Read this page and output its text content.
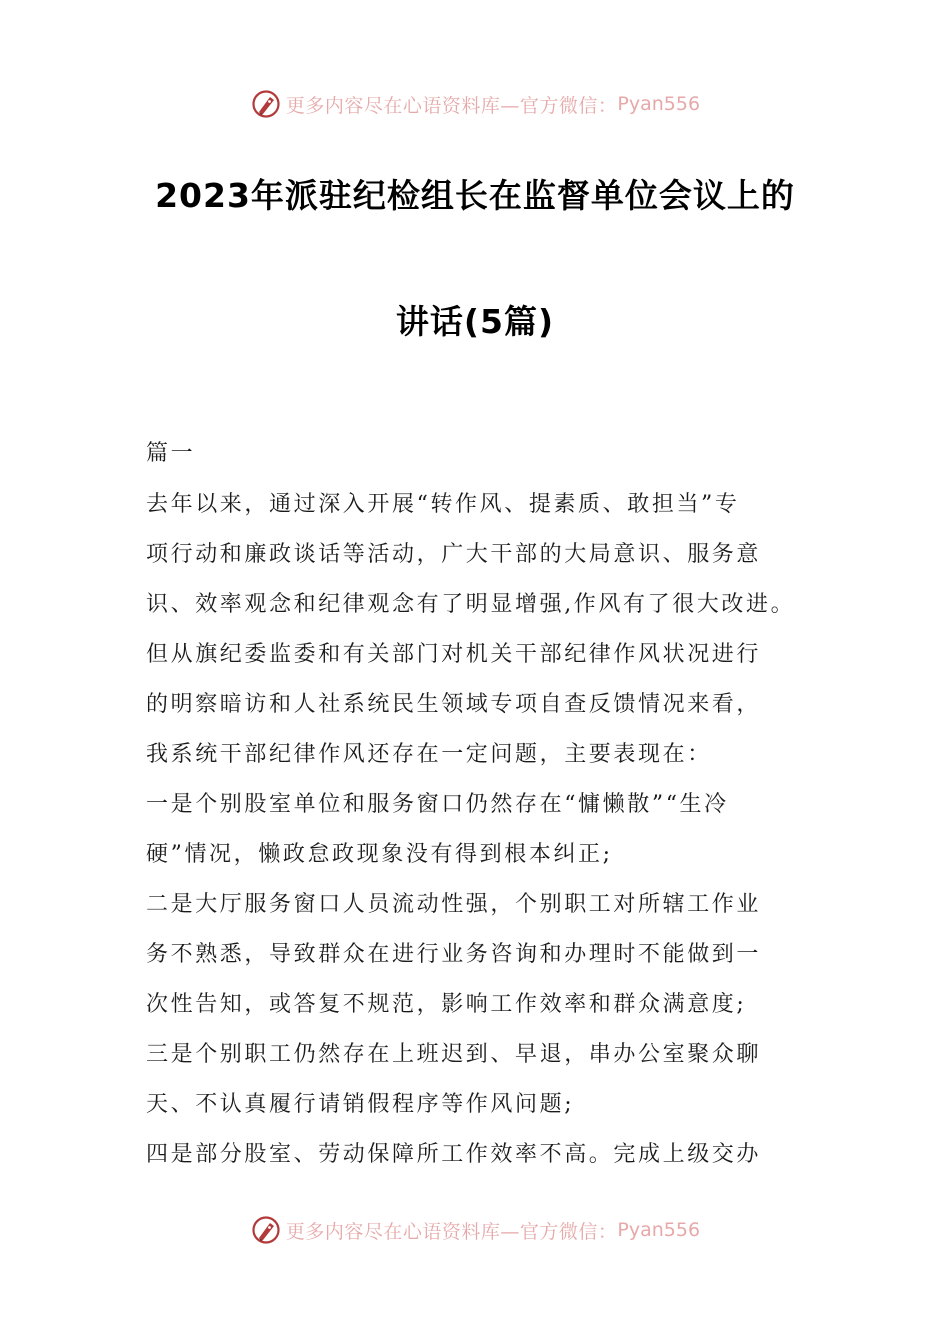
更多内容尽在心语资料库—官方微信： Pyan556
2023年派驻纪检组长在监督单位会议上的
讲话(5篇)
篇一
去年以来，通过深入开展“转作风、提素质、敢担当”专
项行动和廉政谈话等活动，广大干部的大局意识、服务意
识、效率观念和纪律观念有了明显增强,作风有了很大改进。
但从旗纪委监委和有关部门对机关干部纪律作风状况进行
的明察暗访和人社系统民生领域专项自查反馈情况来看，
我系统干部纪律作风还存在一定问题，主要表现在：
一是个别股室单位和服务窗口仍然存在“慵懒散”“生冷
硬”情况，懒政怠政现象没有得到根本纠正;
二是大厅服务窗口人员流动性强，个别职工对所辖工作业
务不熟悉，导致群众在进行业务咨询和办理时不能做到一
次性告知，或答复不规范，影响工作效率和群众满意度;
三是个别职工仍然存在上班迟到、早退，串办公室聚众聊
天、不认真履行请销假程序等作风问题;
四是部分股室、劳动保障所工作效率不高。完成上级交办
更多内容尽在心语资料库—官方微信： Pyan556
